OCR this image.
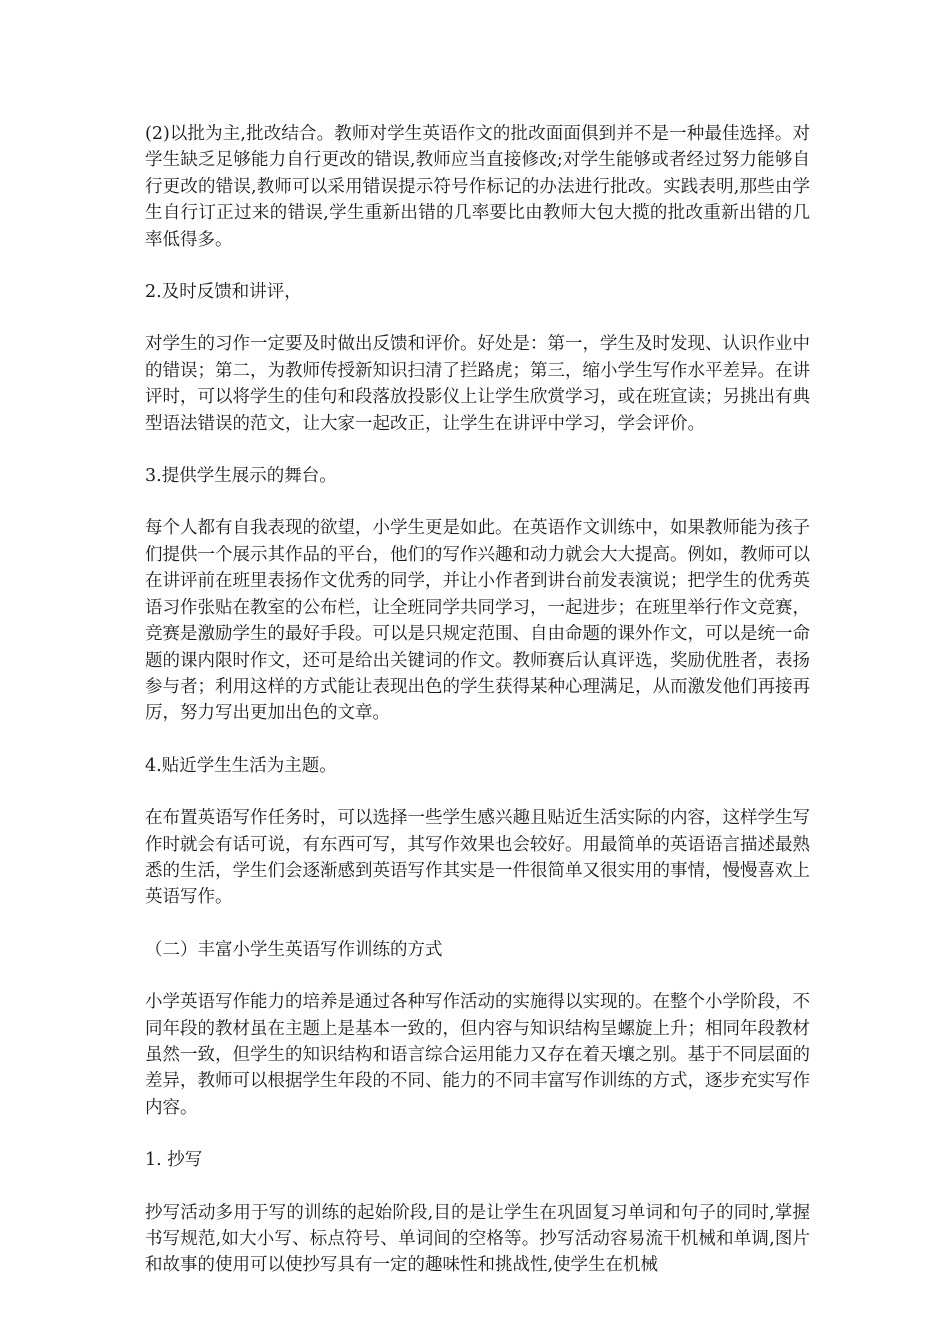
(2)以批为主,批改结合。教师对学生英语作文的批改面面俱到并不是一种最佳选择。对学生缺乏足够能力自行更改的错误,教师应当直接修改;对学生能够或者经过努力能够自行更改的错误,教师可以采用错误提示符号作标记的办法进行批改。实践表明,那些由学生自行订正过来的错误,学生重新出错的几率要比由教师大包大揽的批改重新出错的几率低得多。

2.及时反馈和讲评，

对学生的习作一定要及时做出反馈和评价。好处是：第一，学生及时发现、认识作业中的错误；第二，为教师传授新知识扫清了拦路虎；第三，缩小学生写作水平差异。在讲评时，可以将学生的佳句和段落放投影仪上让学生欣赏学习，或在班宣读；另挑出有典型语法错误的范文，让大家一起改正，让学生在讲评中学习，学会评价。

3.提供学生展示的舞台。

每个人都有自我表现的欲望，小学生更是如此。在英语作文训练中，如果教师能为孩子们提供一个展示其作品的平台，他们的写作兴趣和动力就会大大提高。例如，教师可以在讲评前在班里表扬作文优秀的同学，并让小作者到讲台前发表演说；把学生的优秀英语习作张贴在教室的公布栏，让全班同学共同学习，一起进步；在班里举行作文竞赛，竞赛是激励学生的最好手段。可以是只规定范围、自由命题的课外作文，可以是统一命题的课内限时作文，还可是给出关键词的作文。教师赛后认真评选，奖励优胜者，表扬参与者；利用这样的方式能让表现出色的学生获得某种心理满足，从而激发他们再接再厉，努力写出更加出色的文章。

4.贴近学生生活为主题。

在布置英语写作任务时，可以选择一些学生感兴趣且贴近生活实际的内容，这样学生写作时就会有话可说，有东西可写，其写作效果也会较好。用最简单的英语语言描述最熟悉的生活，学生们会逐渐感到英语写作其实是一件很简单又很实用的事情，慢慢喜欢上英语写作。

（二）丰富小学生英语写作训练的方式

小学英语写作能力的培养是通过各种写作活动的实施得以实现的。在整个小学阶段，不同年段的教材虽在主题上是基本一致的，但内容与知识结构呈螺旋上升；相同年段教材虽然一致，但学生的知识结构和语言综合运用能力又存在着天壤之别。基于不同层面的差异，教师可以根据学生年段的不同、能力的不同丰富写作训练的方式，逐步充实写作内容。

1. 抄写

抄写活动多用于写的训练的起始阶段,目的是让学生在巩固复习单词和句子的同时,掌握书写规范,如大小写、标点符号、单词间的空格等。抄写活动容易流干机械和单调,图片和故事的使用可以使抄写具有一定的趣味性和挑战性,使学生在机械
